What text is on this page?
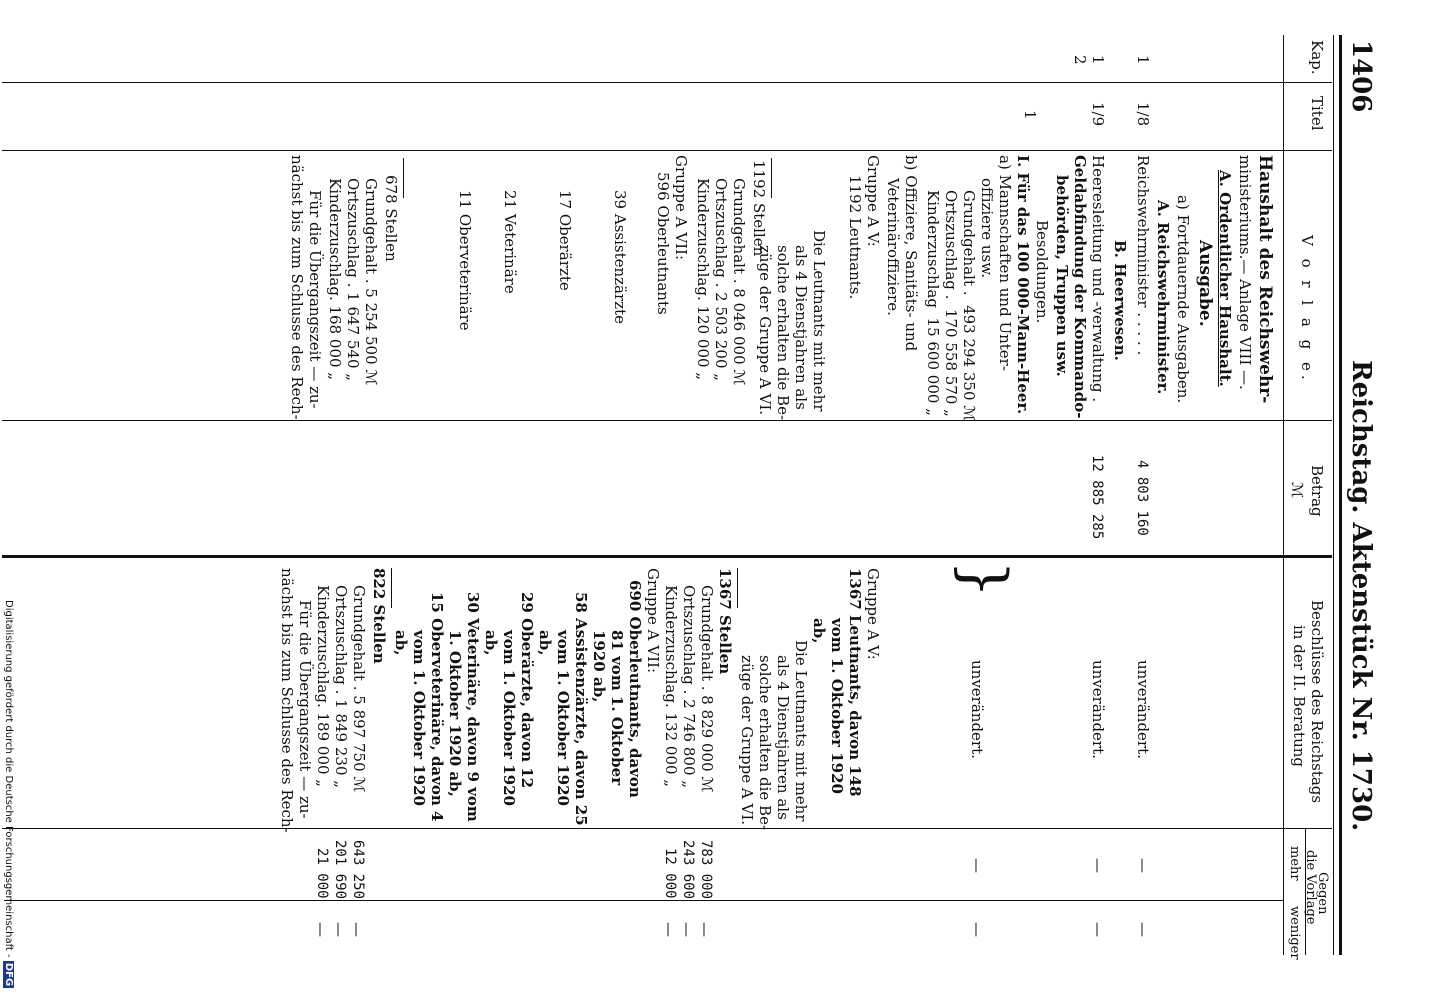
1406
Reichstag. Aktenstück Nr. 1730.
Kap.
Titel
V o r l a g e.
Betrag
ℳ
Beschlüsse des Reichstags
in der II. Beratung
Gegen
die Vorlage
mehr
weniger
Haushalt des Reichswehr-
ministeriums.— Anlage VIII —.
A. Ordentlicher Haushalt.
Ausgabe.
a) Fortdauernde Ausgaben.
A. Reichswehrminister.
1
1/8
Reichswehrminister . . . . .
4 803 160
unverändert.
—
—
B. Heerwesen.
1
2
1/9
Heeresleitung und -verwaltung .
Geldabfindung der Kommando-
behörden, Truppen usw.
12 885 285
unverändert.
—
—
Besoldungen.
1
I. Für das 100 000-Mann-Heer.
a) Mannschaften und Unter-
offiziere usw.
Grundgehalt .  493 294 350 ℳ
Ortszuschlag .  170 558 570 „
Kinderzuschlag  15 600 000 „
b) Offiziere, Sanitäts- und
Veterinäroffiziere.
Gruppe A V:
1192 Leutnants.
unverändert.
}
—
—
Gruppe A V:
1367 Leutnants, davon 148
vom 1. Oktober 1920
ab,
Die Leutnants mit mehr
als 4 Dienstjahren als
solche erhalten die Be-
züge der Gruppe A VI.
Die Leutnants mit mehr
als 4 Dienstjahren als
solche erhalten die Be-
züge der Gruppe A VI.
1192 Stellen
Grundgehalt . 8 046 000 ℳ
Ortszuschlag . 2 503 200 „
Kinderzuschlag. 120 000 „
1367 Stellen
Grundgehalt . 8 829 000 ℳ
Ortszuschlag . 2 746 800 „
Kinderzuschlag. 132 000 „
783 000
243 600
12 000
—
—
—
Gruppe A VII:
596 Oberleutnants
39 Assistenzärzte
17 Oberärzte
21 Veterinäre
11 Oberveterinäre
Gruppe A VII:
690 Oberleutnants, davon
81 vom 1. Oktober
1920 ab,
58 Assistenzärzte, davon 25
vom 1. Oktober 1920
ab,
29 Oberärzte, davon 12
vom 1. Oktober 1920
ab,
30 Veterinäre, davon 9 vom
1. Oktober 1920 ab,
15 Oberveterinäre, davon 4
vom 1. Oktober 1920
ab,
678 Stellen
Grundgehalt . 5 254 500 ℳ
Ortszuschlag . 1 647 540 „
Kinderzuschlag. 168 000 „
Für die Übergangszeit — zu-
nächst bis zum Schlusse des Rech-
822 Stellen
Grundgehalt . 5 897 750 ℳ
Ortszuschlag . 1 849 230 „
Kinderzuschlag. 189 000 „
Für die Übergangszeit — zu-
nächst bis zum Schlusse des Rech-
643 250
201 690
21 000
—
—
—
Digitalisierung gefördert durch die Deutsche Forschungsgemeinschaft - DFG
